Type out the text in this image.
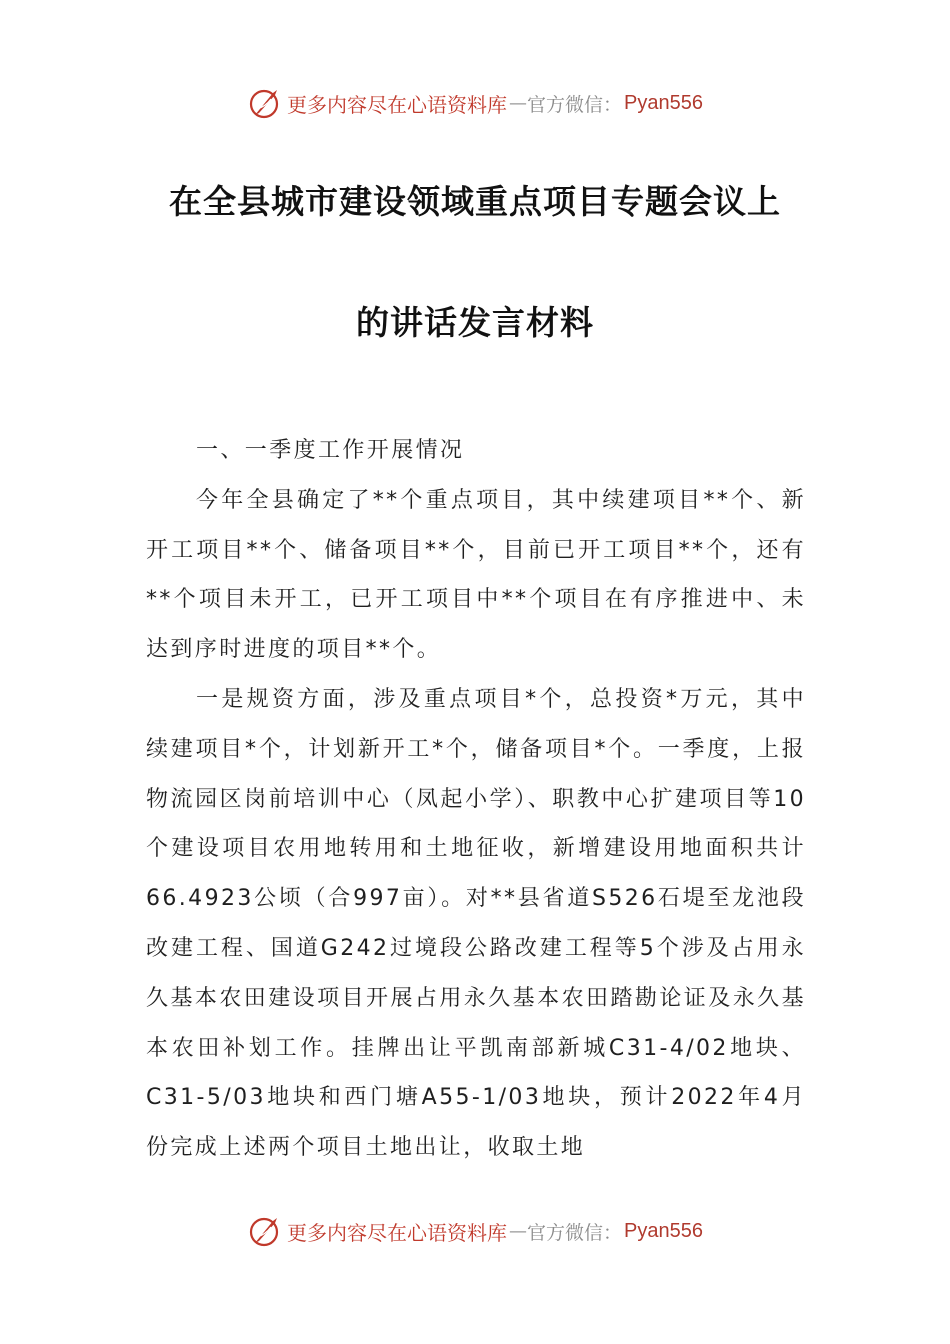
更多内容尽在心语资料库 — 官方微信： Pyan556
在全县城市建设领域重点项目专题会议上
的讲话发言材料

一、一季度工作开展情况

今年全县确定了**个重点项目，其中续建项目**个、新开工项目**个、储备项目**个，目前已开工项目**个，还有**个项目未开工，已开工项目中**个项目在有序推进中、未达到序时进度的项目**个。

一是规资方面，涉及重点项目*个，总投资*万元，其中续建项目*个，计划新开工*个，储备项目*个。一季度，上报物流园区岗前培训中心（凤起小学）、职教中心扩建项目等10个建设项目农用地转用和土地征收，新增建设用地面积共计66.4923公顷（合997亩）。对**县省道S526石堤至龙池段改建工程、国道G242过境段公路改建工程等5个涉及占用永久基本农田建设项目开展占用永久基本农田踏勘论证及永久基本农田补划工作。挂牌出让平凯南部新城C31-4/02地块、C31-5/03地块和西门塘A55-1/03地块，预计2022年4月份完成上述两个项目土地出让，收取土地

更多内容尽在心语资料库 — 官方微信： Pyan556
